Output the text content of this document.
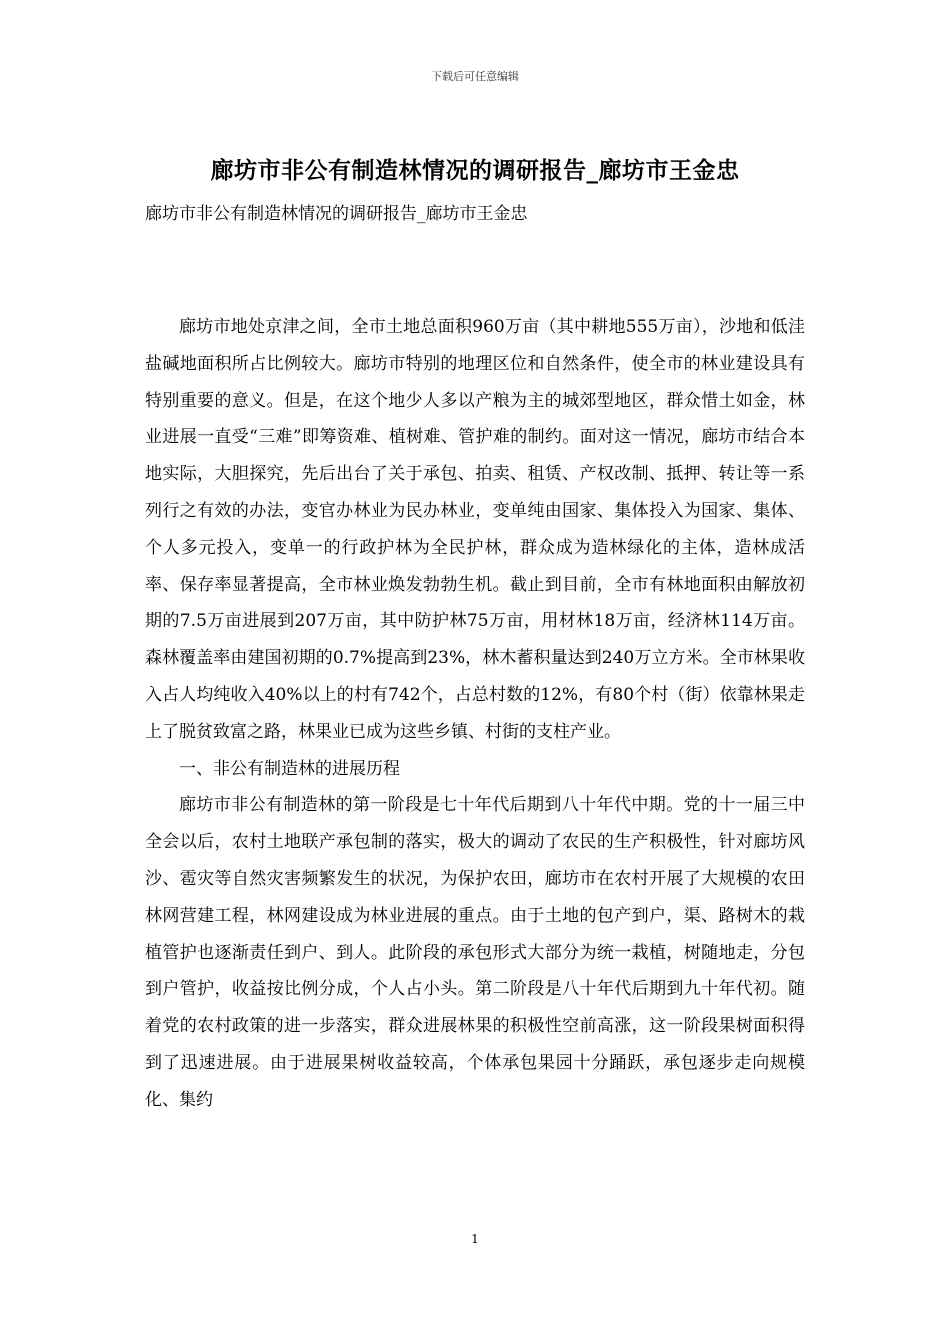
下载后可任意编辑
廊坊市非公有制造林情况的调研报告_廊坊市王金忠
廊坊市非公有制造林情况的调研报告_廊坊市王金忠

廊坊市地处京津之间，全市土地总面积960万亩（其中耕地555万亩），沙地和低洼盐碱地面积所占比例较大。廊坊市特别的地理区位和自然条件，使全市的林业建设具有特别重要的意义。但是，在这个地少人多以产粮为主的城郊型地区，群众惜土如金，林业进展一直受“三难”即筹资难、植树难、管护难的制约。面对这一情况，廊坊市结合本地实际，大胆探究，先后出台了关于承包、拍卖、租赁、产权改制、抵押、转让等一系列行之有效的办法，变官办林业为民办林业，变单纯由国家、集体投入为国家、集体、个人多元投入，变单一的行政护林为全民护林，群众成为造林绿化的主体，造林成活率、保存率显著提高，全市林业焕发勃勃生机。截止到目前，全市有林地面积由解放初期的7.5万亩进展到207万亩，其中防护林75万亩，用材林18万亩，经济林114万亩。森林覆盖率由建国初期的0.7%提高到23%，林木蓄积量达到240万立方米。全市林果收入占人均纯收入40%以上的村有742个，占总村数的12%，有80个村（街）依靠林果走上了脱贫致富之路，林果业已成为这些乡镇、村街的支柱产业。

一、非公有制造林的进展历程

廊坊市非公有制造林的第一阶段是七十年代后期到八十年代中期。党的十一届三中全会以后，农村土地联产承包制的落实，极大的调动了农民的生产积极性，针对廊坊风沙、雹灾等自然灾害频繁发生的状况，为保护农田，廊坊市在农村开展了大规模的农田林网营建工程，林网建设成为林业进展的重点。由于土地的包产到户，渠、路树木的栽植管护也逐渐责任到户、到人。此阶段的承包形式大部分为统一栽植，树随地走，分包到户管护，收益按比例分成，个人占小头。第二阶段是八十年代后期到九十年代初。随着党的农村政策的进一步落实，群众进展林果的积极性空前高涨，这一阶段果树面积得到了迅速进展。由于进展果树收益较高，个体承包果园十分踊跃，承包逐步走向规模化、集约

1
